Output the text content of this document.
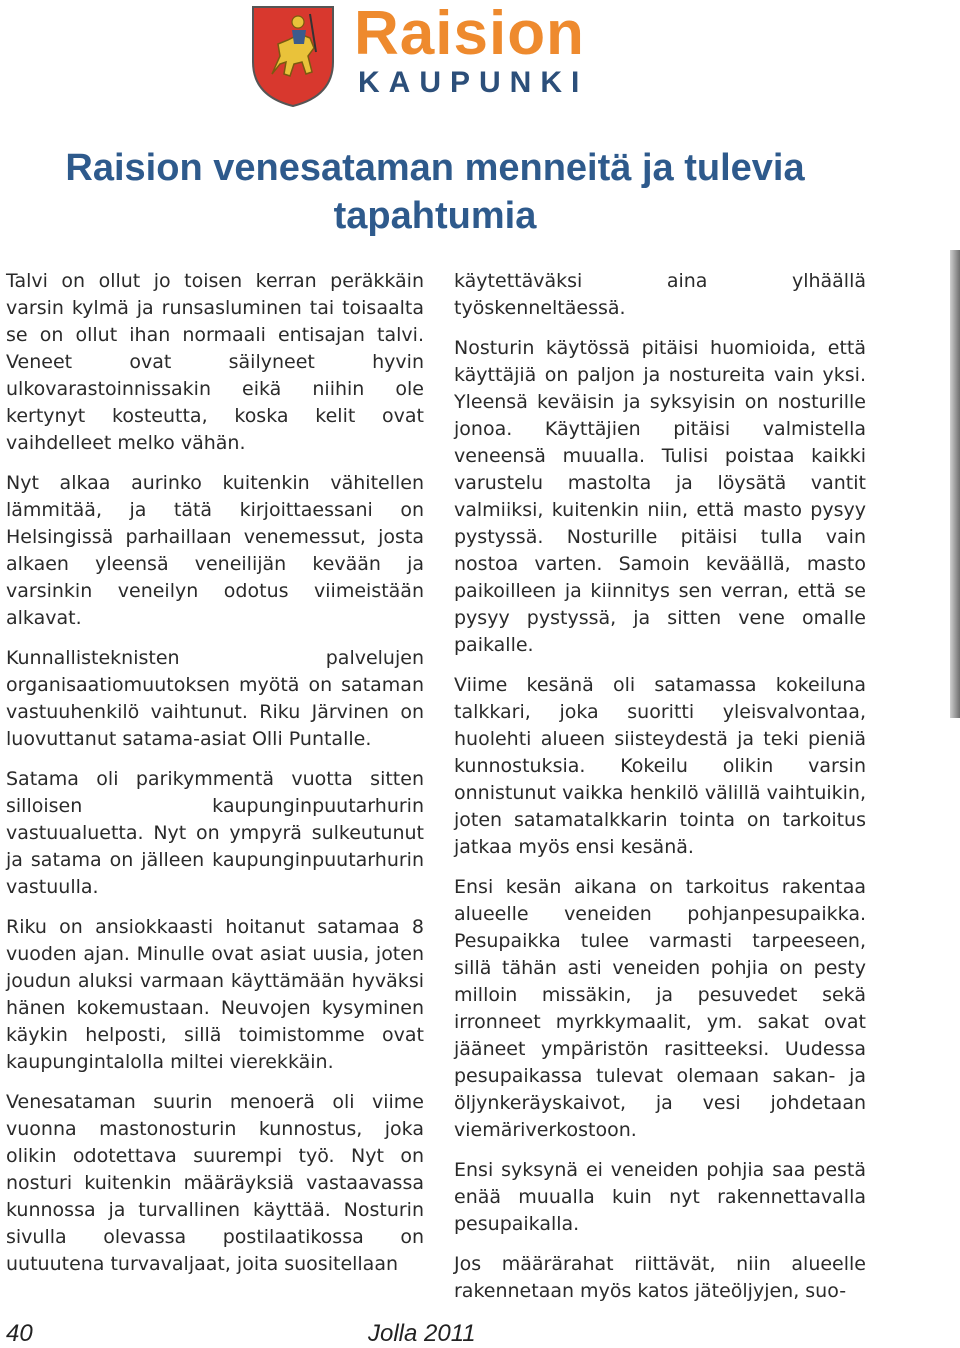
Raision
KAUPUNKI
Raision venesataman menneitä ja tulevia tapahtumia

Talvi on ollut jo toisen kerran peräkkäin varsin kylmä ja runsasluminen tai toisaalta se on ollut ihan normaali entisajan talvi. Veneet ovat säilyneet hyvin ulkovarastoinnissakin eikä niihin ole kertynyt kosteutta, koska kelit ovat vaihdelleet melko vähän.

Nyt alkaa aurinko kuitenkin vähitellen lämmitää, ja tätä kirjoittaessani on Helsingissä parhaillaan venemessut, josta alkaen yleensä veneilijän kevään ja varsinkin veneilyn odotus viimeistään alkavat.

Kunnallisteknisten palvelujen organisaatiomuutoksen myötä on sataman vastuuhenkilö vaihtunut. Riku Järvinen on luovuttanut satama-asiat Olli Puntalle.

Satama oli parikymmentä vuotta sitten silloisen kaupunginpuutarhurin vastuualuetta. Nyt on ympyrä sulkeutunut ja satama on jälleen kaupunginpuutarhurin vastuulla.

Riku on ansiokkaasti hoitanut satamaa 8 vuoden ajan. Minulle ovat asiat uusia, joten joudun aluksi varmaan käyttämään hyväksi hänen kokemustaan. Neuvojen kysyminen käykin helposti, sillä toimistomme ovat kaupungintalolla miltei vierekkäin.

Venesataman suurin menoerä oli viime vuonna mastonosturin kunnostus, joka olikin odotettava suurempi työ. Nyt on nosturi kuitenkin määräyksiä vastaavassa kunnossa ja turvallinen käyttää. Nosturin sivulla olevassa postilaatikossa on uutuutena turvavaljaat, joita suositellaan

käytettäväksi aina ylhäällä työskenneltäessä.

Nosturin käytössä pitäisi huomioida, että käyttäjiä on paljon ja nostureita vain yksi. Yleensä keväisin ja syksyisin on nosturille jonoa. Käyttäjien pitäisi valmistella veneensä muualla. Tulisi poistaa kaikki varustelu mastolta ja löysätä vantit valmiiksi, kuitenkin niin, että masto pysyy pystyssä. Nosturille pitäisi tulla vain nostoa varten. Samoin keväällä, masto paikoilleen ja kiinnitys sen verran, että se pysyy pystyssä, ja sitten vene omalle paikalle.

Viime kesänä oli satamassa kokeiluna talkkari, joka suoritti yleisvalvontaa, huolehti alueen siisteydestä ja teki pieniä kunnostuksia. Kokeilu olikin varsin onnistunut vaikka henkilö välillä vaihtuikin, joten satamatalkkarin tointa on tarkoitus jatkaa myös ensi kesänä.

Ensi kesän aikana on tarkoitus rakentaa alueelle veneiden pohjanpesupaikka. Pesupaikka tulee varmasti tarpeeseen, sillä tähän asti veneiden pohjia on pesty milloin missäkin, ja pesuvedet sekä irronneet myrkkymaalit, ym. sakat ovat jääneet ympäristön rasitteeksi. Uudessa pesupaikassa tulevat olemaan sakan- ja öljynkeräyskaivot, ja vesi johdetaan viemäriverkostoon.

Ensi syksynä ei veneiden pohjia saa pestä enää muualla kuin nyt rakennettavalla pesupaikalla.

Jos määrärahat riittävät, niin alueelle rakennetaan myös katos jäteöljyjen, suo-

40	Jolla 2011
